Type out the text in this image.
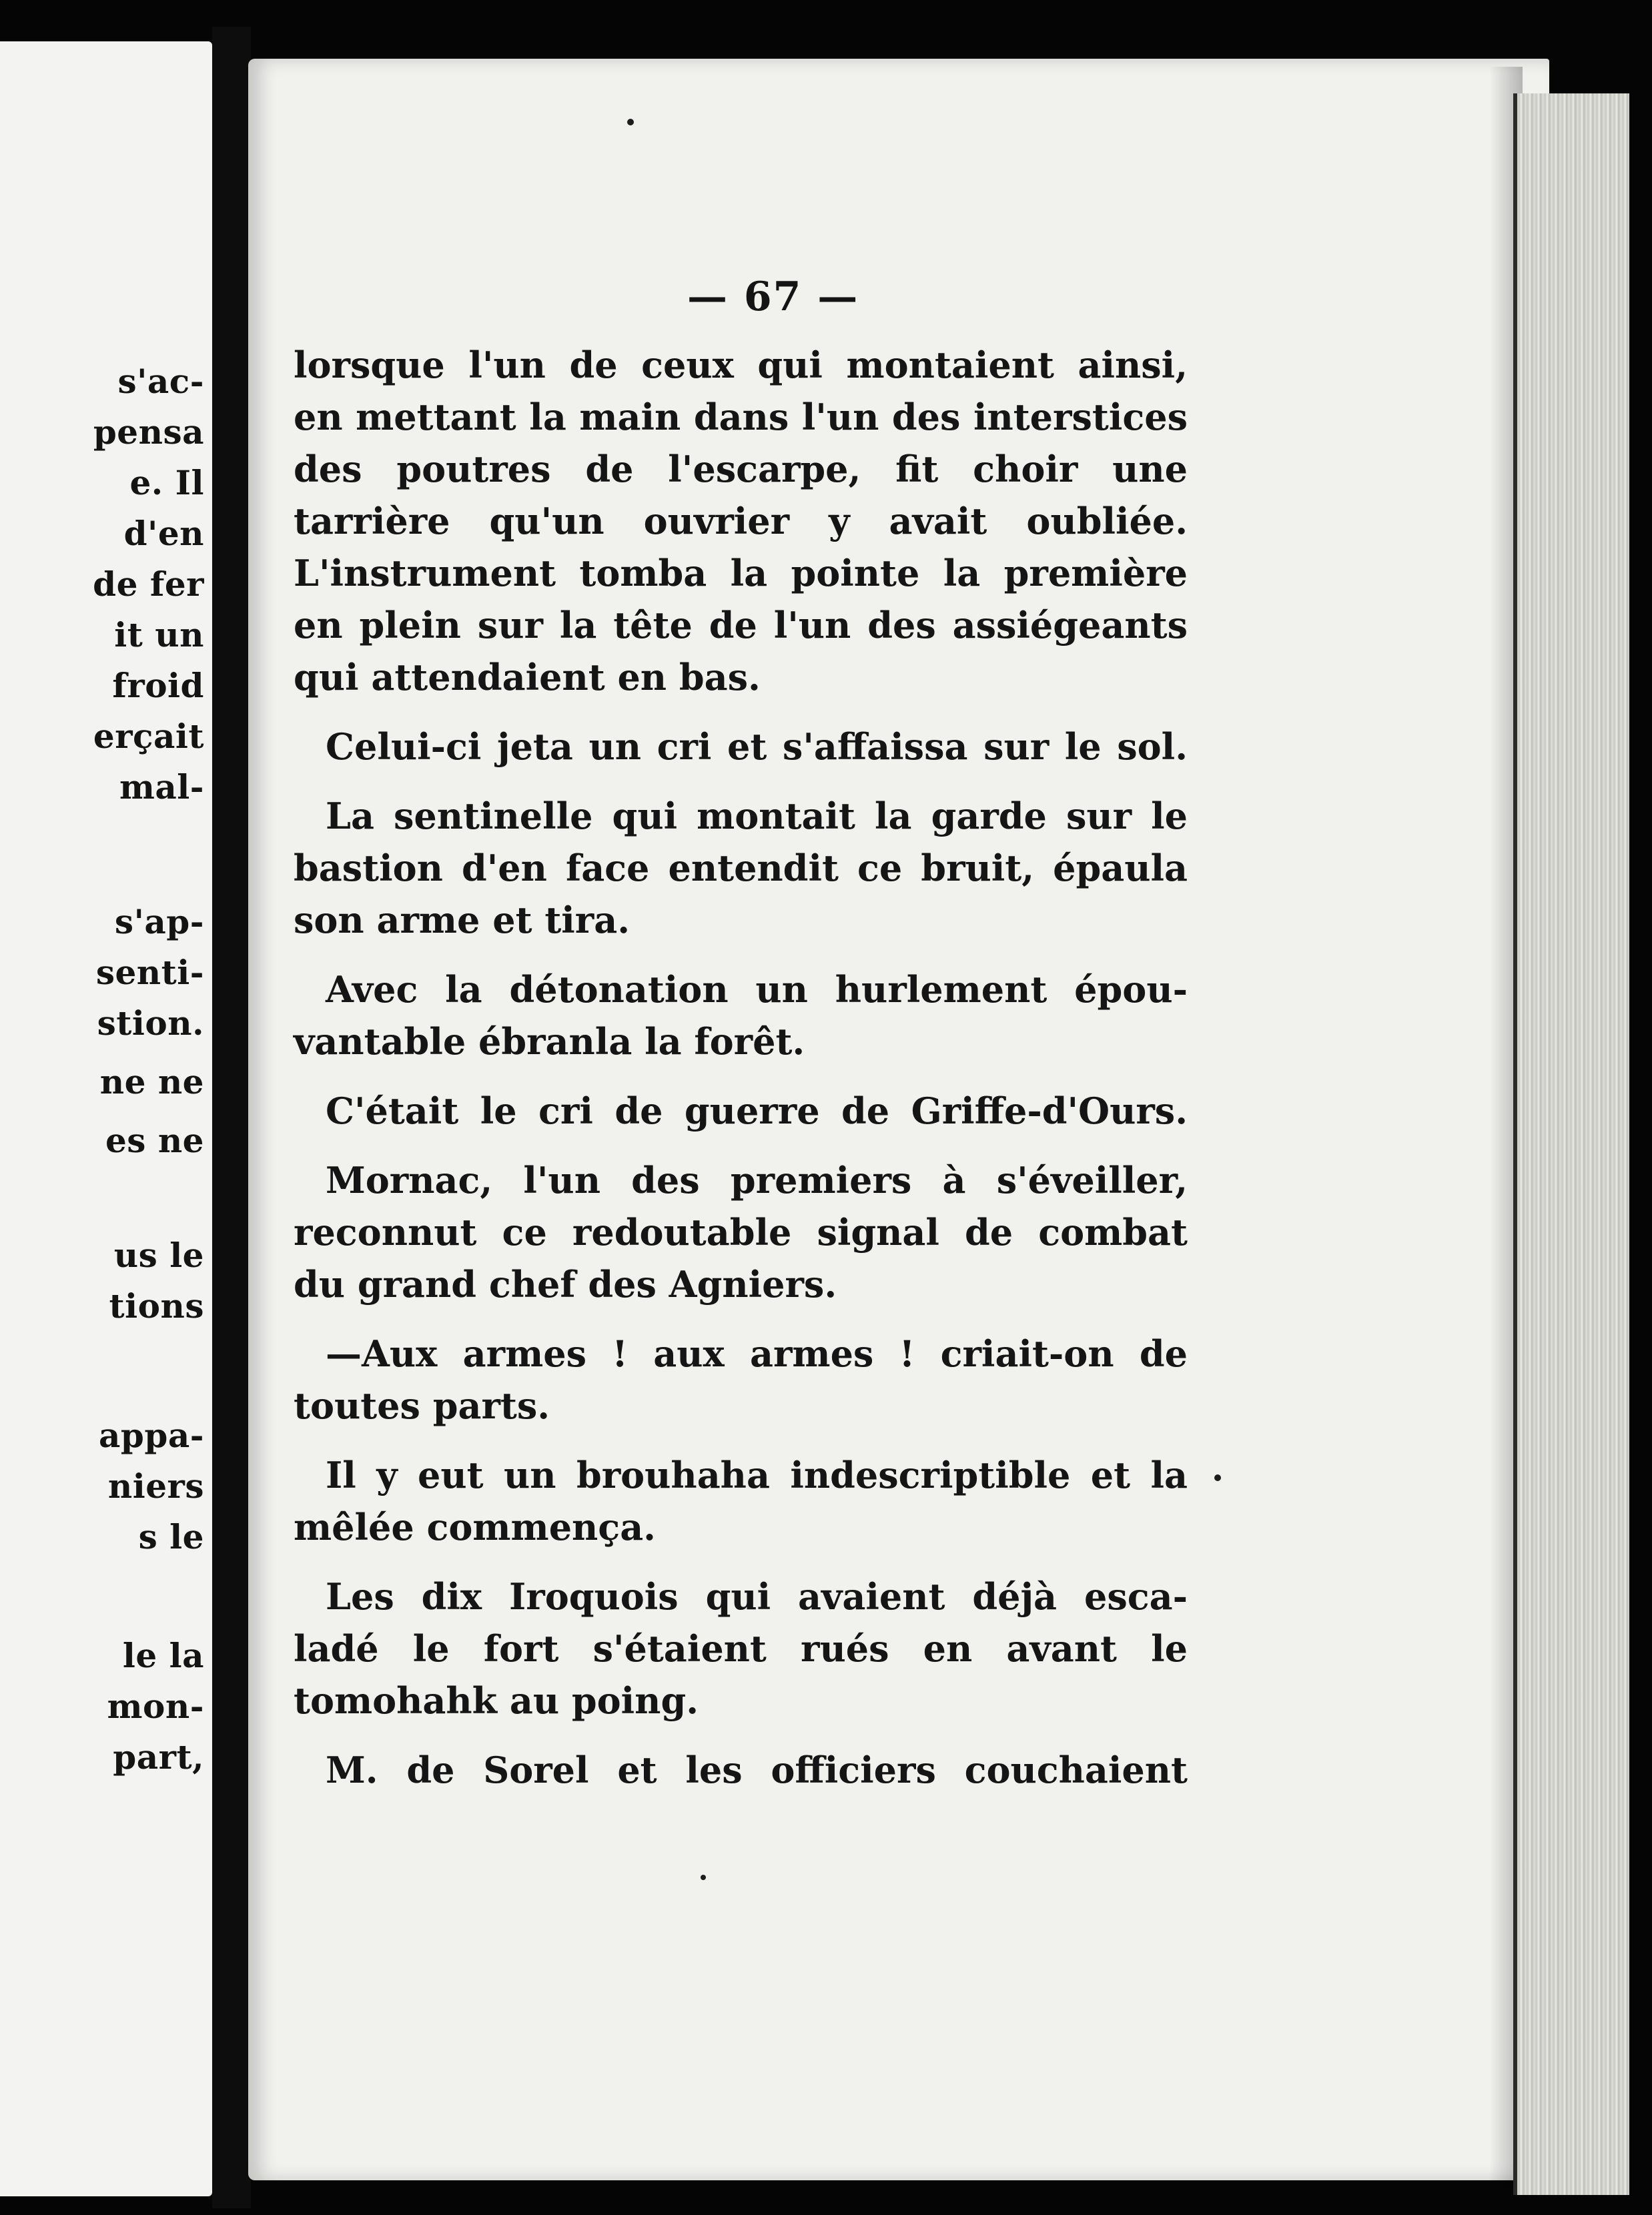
s'ac-

pensa

e. Il

d'en

de fer

it un

froid

erçait

mal-

s'ap-

senti-

stion.

ne ne

es ne

us le

tions

appa-

niers

s le

le la

mon-

part,

— 67 —

lorsque l'un de ceux qui montaient ainsi,
en mettant la main dans l'un des interstices
des poutres de l'escarpe, fit choir une
tarrière qu'un ouvrier y avait oubliée.
L'instrument tomba la pointe la première
en plein sur la tête de l'un des assiégeants
qui attendaient en bas.

Celui-ci jeta un cri et s'affaissa sur le sol.

La sentinelle qui montait la garde sur le
bastion d'en face entendit ce bruit, épaula
son arme et tira.

Avec la détonation un hurlement épou-
vantable ébranla la forêt.

C'était le cri de guerre de Griffe-d'Ours.

Mornac, l'un des premiers à s'éveiller,
reconnut ce redoutable signal de combat
du grand chef des Agniers.

—Aux armes ! aux armes ! criait-on de
toutes parts.

Il y eut un brouhaha indescriptible et la
mêlée commença.

Les dix Iroquois qui avaient déjà esca-
ladé le fort s'étaient rués en avant le
tomohahk au poing.

M. de Sorel et les officiers couchaient
